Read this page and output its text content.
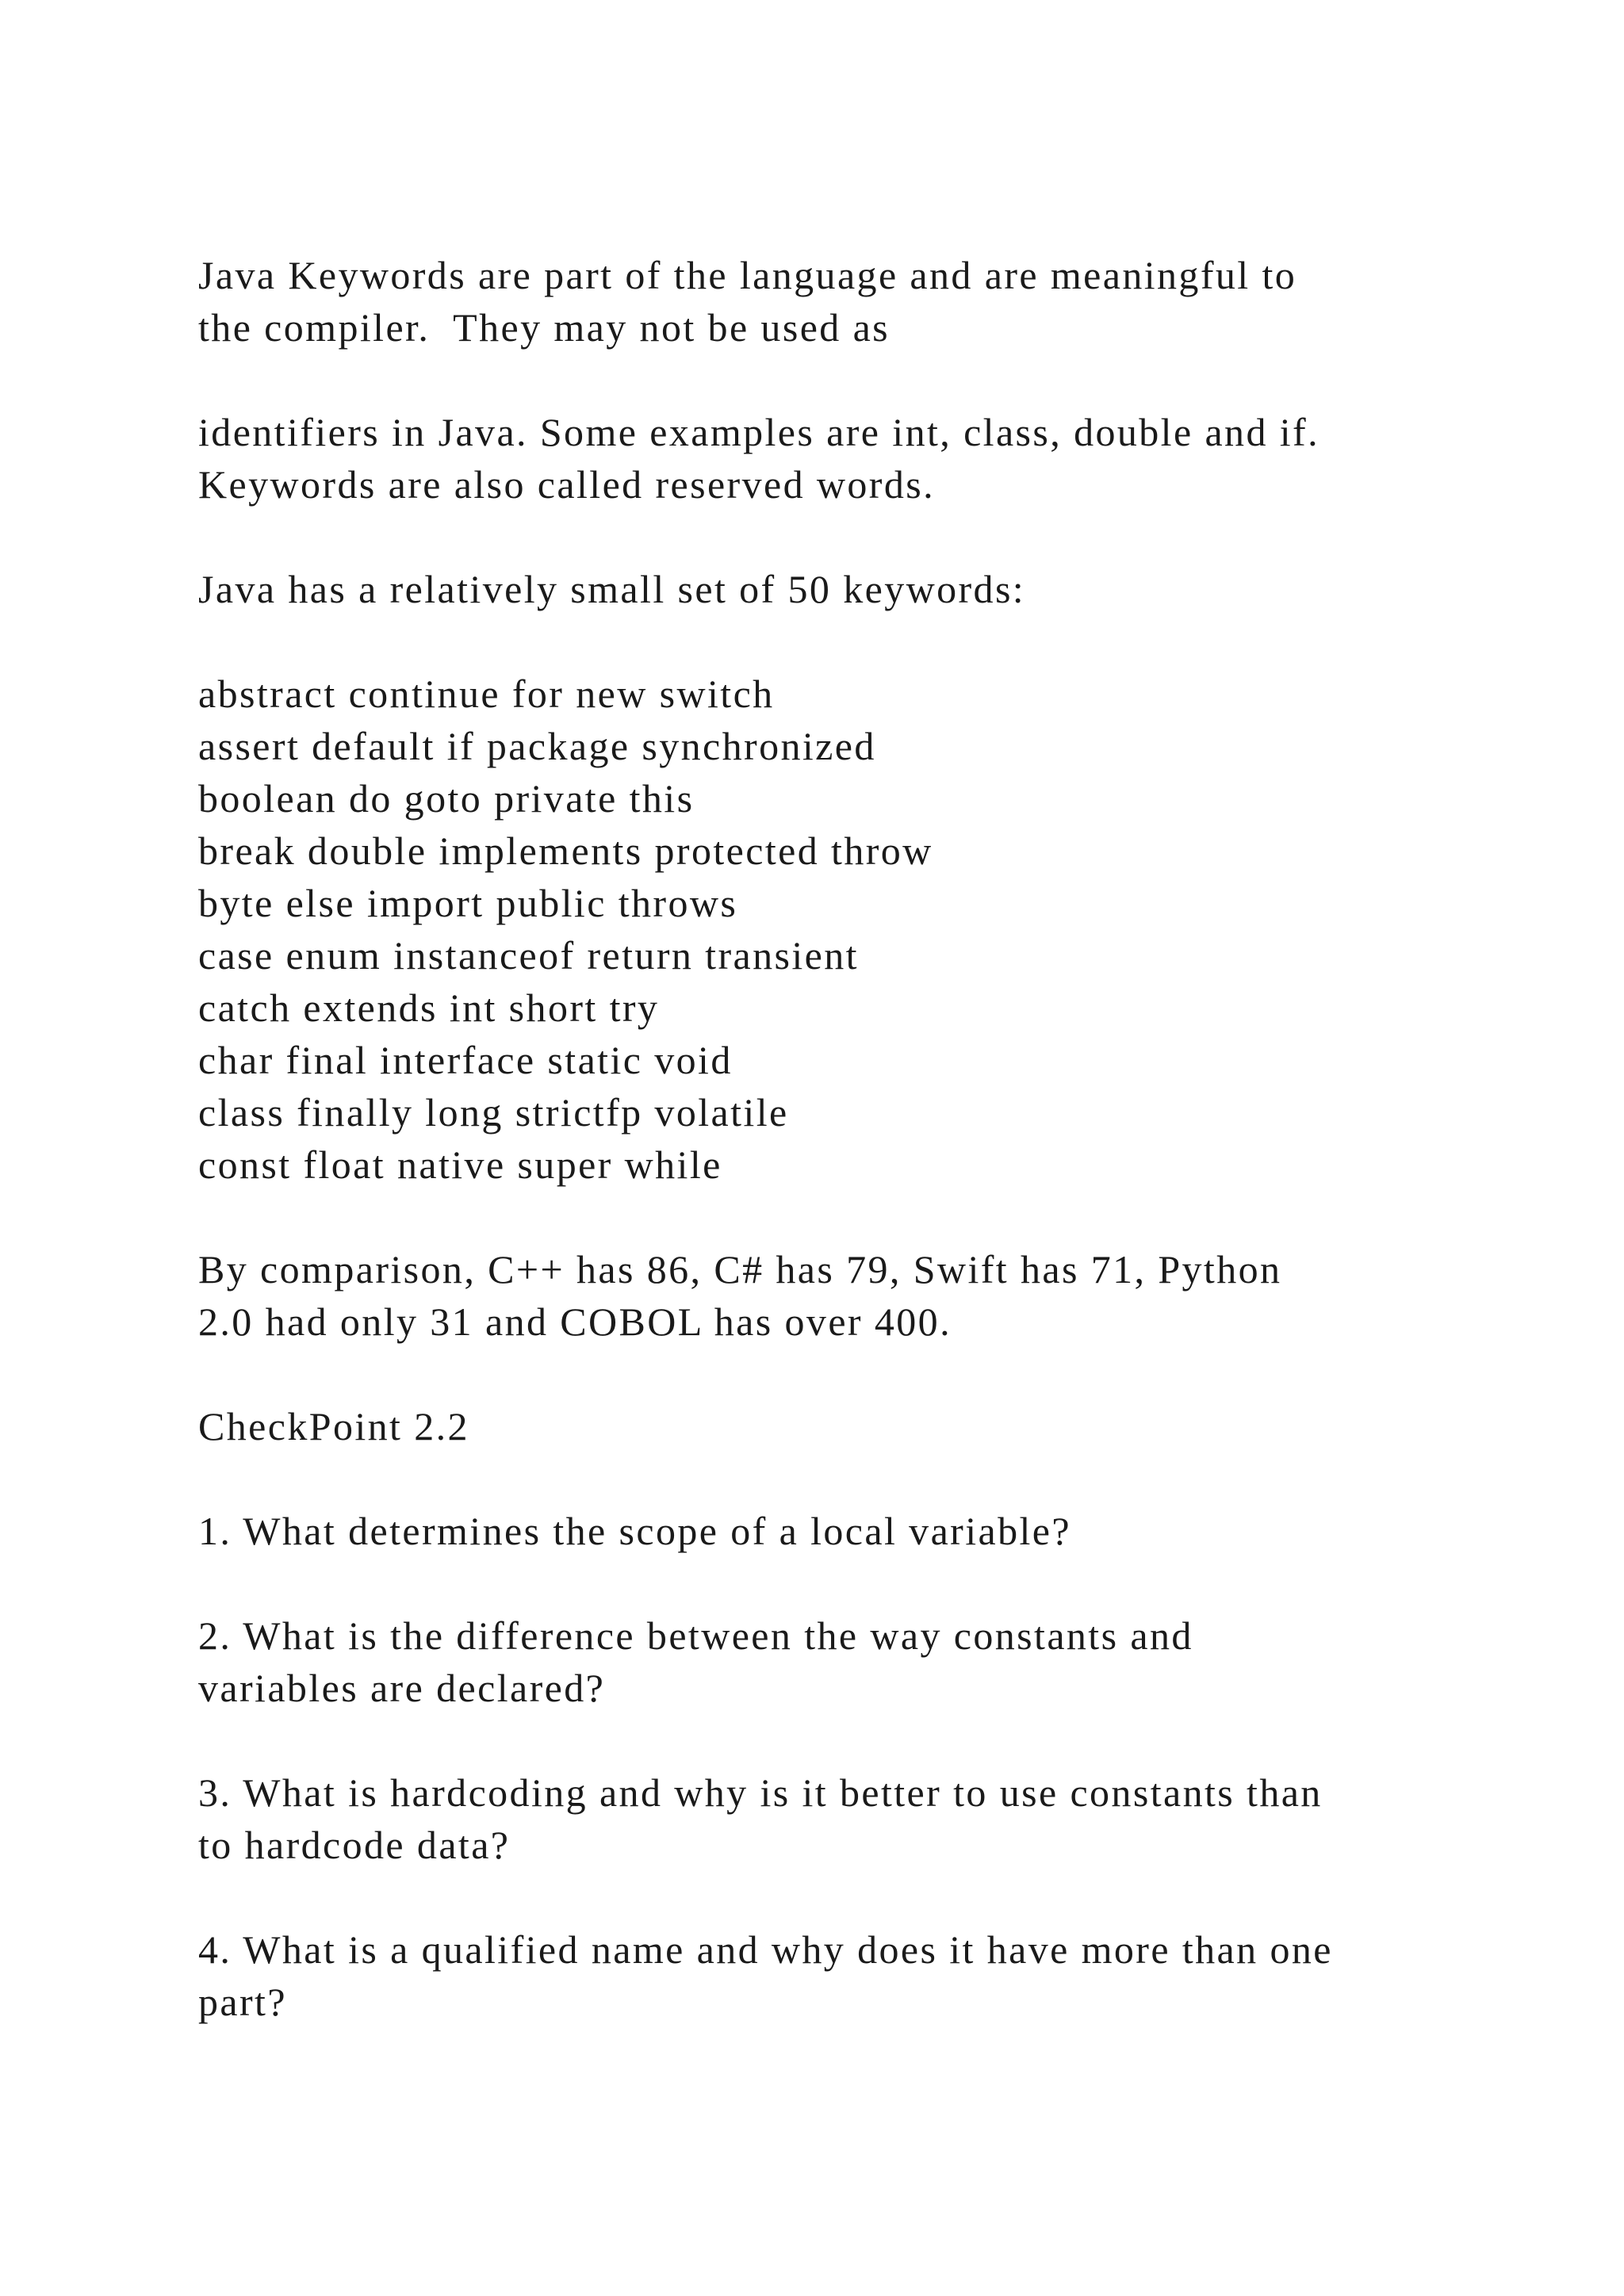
Java Keywords are part of the language and are meaningful to
the compiler.  They may not be used as
identifiers in Java. Some examples are int, class, double and if.
Keywords are also called reserved words.
Java has a relatively small set of 50 keywords:
abstract continue for new switch
assert default if package synchronized
boolean do goto private this
break double implements protected throw
byte else import public throws
case enum instanceof return transient
catch extends int short try
char final interface static void
class finally long strictfp volatile
const float native super while
By comparison, C++ has 86, C# has 79, Swift has 71, Python
2.0 had only 31 and COBOL has over 400.
CheckPoint 2.2
1. What determines the scope of a local variable?
2. What is the difference between the way constants and
variables are declared?
3. What is hardcoding and why is it better to use constants than
to hardcode data?
4. What is a qualified name and why does it have more than one
part?
